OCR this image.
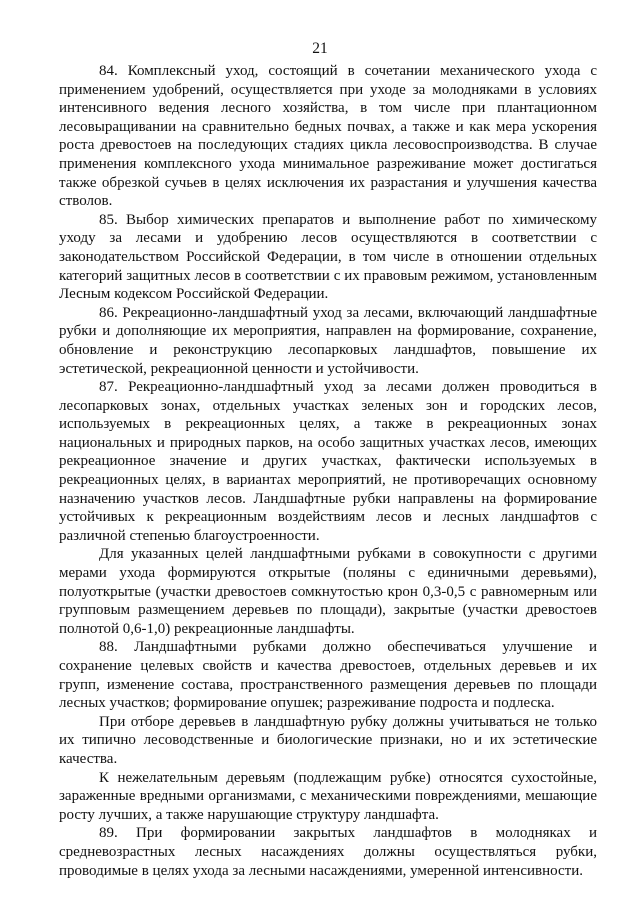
21

84. Комплексный уход, состоящий в сочетании механического ухода с применением удобрений, осуществляется при уходе за молодняками в условиях интенсивного ведения лесного хозяйства, в том числе при плантационном лесовыращивании на сравнительно бедных почвах, а также и как мера ускорения роста древостоев на последующих стадиях цикла лесовоспроизводства. В случае применения комплексного ухода минимальное разреживание может достигаться также обрезкой сучьев в целях исключения их разрастания и улучшения качества стволов.

85. Выбор химических препаратов и выполнение работ по химическому уходу за лесами и удобрению лесов осуществляются в соответствии с законодательством Российской Федерации, в том числе в отношении отдельных категорий защитных лесов в соответствии с их правовым режимом, установленным Лесным кодексом Российской Федерации.

86. Рекреационно-ландшафтный уход за лесами, включающий ландшафтные рубки и дополняющие их мероприятия, направлен на формирование, сохранение, обновление и реконструкцию лесопарковых ландшафтов, повышение их эстетической, рекреационной ценности и устойчивости.

87. Рекреационно-ландшафтный уход за лесами должен проводиться в лесопарковых зонах, отдельных участках зеленых зон и городских лесов, используемых в рекреационных целях, а также в рекреационных зонах национальных и природных парков, на особо защитных участках лесов, имеющих рекреационное значение и других участках, фактически используемых в рекреационных целях, в вариантах мероприятий, не противоречащих основному назначению участков лесов. Ландшафтные рубки направлены на формирование устойчивых к рекреационным воздействиям лесов и лесных ландшафтов с различной степенью благоустроенности.

Для указанных целей ландшафтными рубками в совокупности с другими мерами ухода формируются открытые (поляны с единичными деревьями), полуоткрытые (участки древостоев сомкнутостью крон 0,3-0,5 с равномерным или групповым размещением деревьев по площади), закрытые (участки древостоев полнотой 0,6-1,0) рекреационные ландшафты.

88. Ландшафтными рубками должно обеспечиваться улучшение и сохранение целевых свойств и качества древостоев, отдельных деревьев и их групп, изменение состава, пространственного размещения деревьев по площади лесных участков; формирование опушек; разреживание подроста и подлеска.

При отборе деревьев в ландшафтную рубку должны учитываться не только их типично лесоводственные и биологические признаки, но и их эстетические качества.

К нежелательным деревьям (подлежащим рубке) относятся сухостойные, зараженные вредными организмами, с механическими повреждениями, мешающие росту лучших, а также нарушающие структуру ландшафта.

89. При формировании закрытых ландшафтов в молодняках и средневозрастных лесных насаждениях должны осуществляться рубки, проводимые в целях ухода за лесными насаждениями, умеренной интенсивности.
